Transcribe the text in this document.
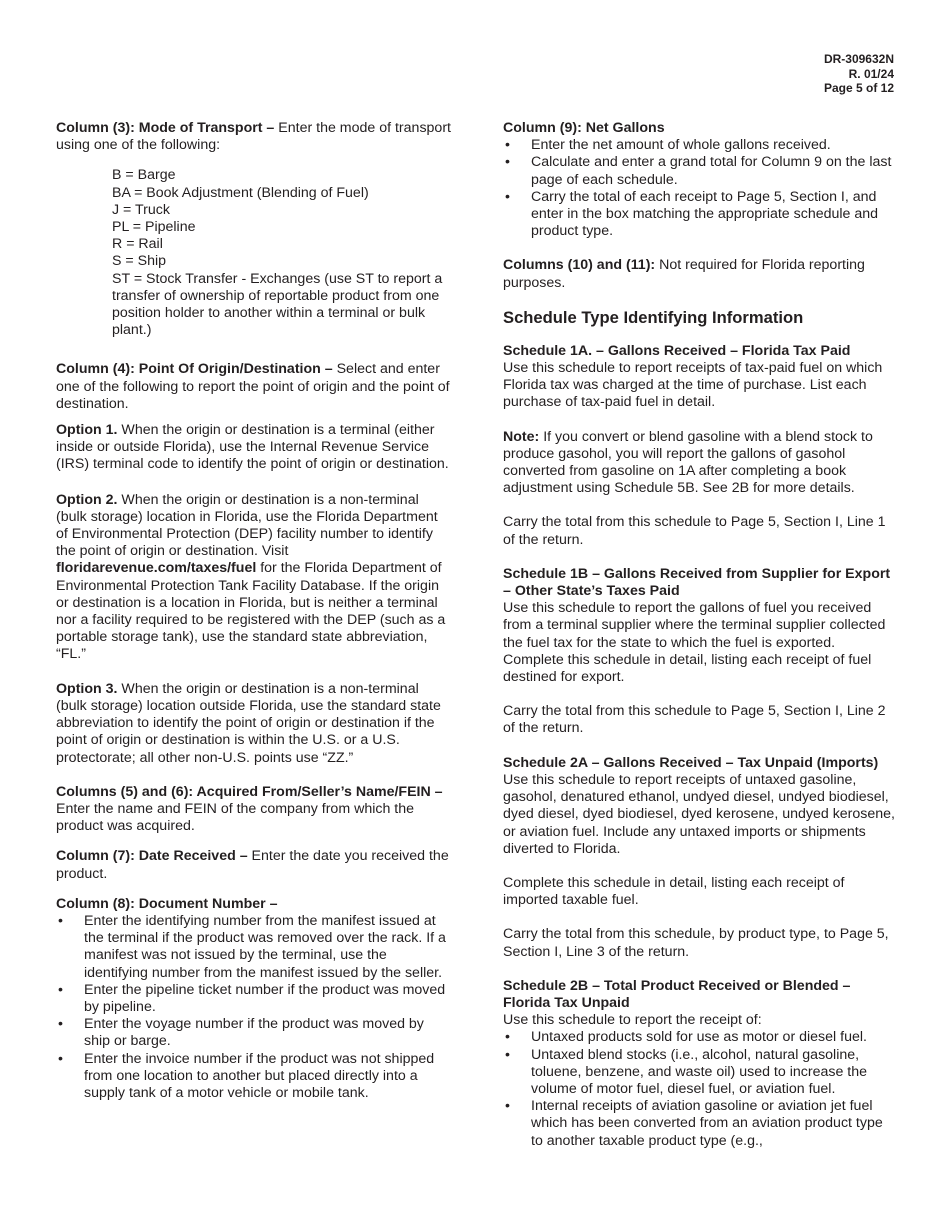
DR-309632N
R. 01/24
Page 5 of 12

Column (3): Mode of Transport – Enter the mode of transport using one of the following:

B = Barge
BA = Book Adjustment (Blending of Fuel)
J = Truck
PL = Pipeline
R = Rail
S = Ship
ST = Stock Transfer - Exchanges (use ST to report a transfer of ownership of reportable product from one position holder to another within a terminal or bulk plant.)

Column (4): Point Of Origin/Destination – Select and enter one of the following to report the point of origin and the point of destination.

Option 1. When the origin or destination is a terminal (either inside or outside Florida), use the Internal Revenue Service (IRS) terminal code to identify the point of origin or destination.

Option 2. When the origin or destination is a non-terminal (bulk storage) location in Florida, use the Florida Department of Environmental Protection (DEP) facility number to identify the point of origin or destination. Visit floridarevenue.com/taxes/fuel for the Florida Department of Environmental Protection Tank Facility Database. If the origin or destination is a location in Florida, but is neither a terminal nor a facility required to be registered with the DEP (such as a portable storage tank), use the standard state abbreviation, “FL.”

Option 3. When the origin or destination is a non-terminal (bulk storage) location outside Florida, use the standard state abbreviation to identify the point of origin or destination if the point of origin or destination is within the U.S. or a U.S. protectorate; all other non-U.S. points use “ZZ.”

Columns (5) and (6): Acquired From/Seller’s Name/FEIN – Enter the name and FEIN of the company from which the product was acquired.

Column (7): Date Received – Enter the date you received the product.

Column (8): Document Number –

• Enter the identifying number from the manifest issued at the terminal if the product was removed over the rack. If a manifest was not issued by the terminal, use the identifying number from the manifest issued by the seller.
• Enter the pipeline ticket number if the product was moved by pipeline.
• Enter the voyage number if the product was moved by ship or barge.
• Enter the invoice number if the product was not shipped from one location to another but placed directly into a supply tank of a motor vehicle or mobile tank.

Column (9): Net Gallons

• Enter the net amount of whole gallons received.
• Calculate and enter a grand total for Column 9 on the last page of each schedule.
• Carry the total of each receipt to Page 5, Section I, and enter in the box matching the appropriate schedule and product type.

Columns (10) and (11): Not required for Florida reporting purposes.

Schedule Type Identifying Information

Schedule 1A. – Gallons Received – Florida Tax Paid
Use this schedule to report receipts of tax-paid fuel on which Florida tax was charged at the time of purchase. List each purchase of tax-paid fuel in detail.

Note: If you convert or blend gasoline with a blend stock to produce gasohol, you will report the gallons of gasohol converted from gasoline on 1A after completing a book adjustment using Schedule 5B. See 2B for more details.

Carry the total from this schedule to Page 5, Section I, Line 1 of the return.

Schedule 1B – Gallons Received from Supplier for Export – Other State’s Taxes Paid
Use this schedule to report the gallons of fuel you received from a terminal supplier where the terminal supplier collected the fuel tax for the state to which the fuel is exported. Complete this schedule in detail, listing each receipt of fuel destined for export.

Carry the total from this schedule to Page 5, Section I, Line 2 of the return.

Schedule 2A – Gallons Received – Tax Unpaid (Imports)
Use this schedule to report receipts of untaxed gasoline, gasohol, denatured ethanol, undyed diesel, undyed biodiesel, dyed diesel, dyed biodiesel, dyed kerosene, undyed kerosene, or aviation fuel. Include any untaxed imports or shipments diverted to Florida.

Complete this schedule in detail, listing each receipt of imported taxable fuel.

Carry the total from this schedule, by product type, to Page 5, Section I, Line 3 of the return.

Schedule 2B – Total Product Received or Blended – Florida Tax Unpaid
Use this schedule to report the receipt of:

• Untaxed products sold for use as motor or diesel fuel.
• Untaxed blend stocks (i.e., alcohol, natural gasoline, toluene, benzene, and waste oil) used to increase the volume of motor fuel, diesel fuel, or aviation fuel.
• Internal receipts of aviation gasoline or aviation jet fuel which has been converted from an aviation product type to another taxable product type (e.g.,
